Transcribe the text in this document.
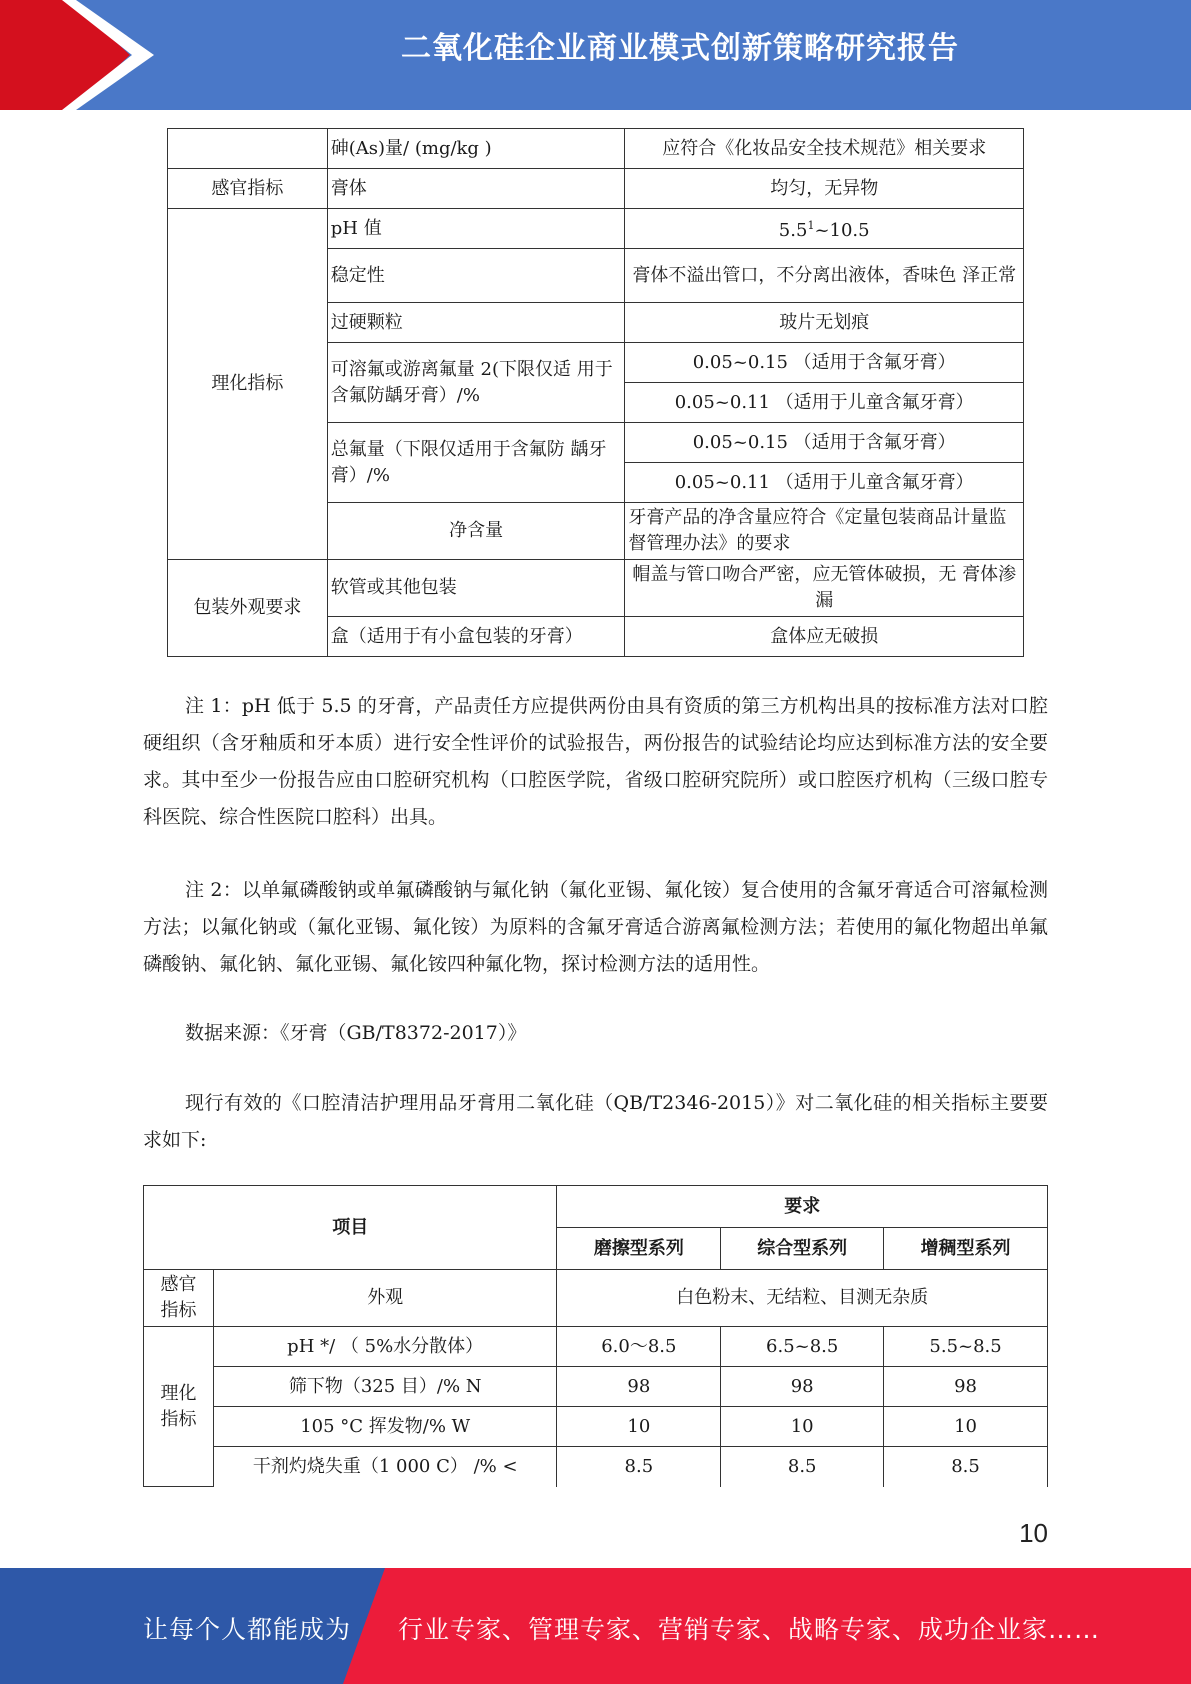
二氧化硅企业商业模式创新策略研究报告
	砷(As)量/ (mg/kg )	应符合《化妆品安全技术规范》相关要求
感官指标	膏体	均匀，无异物
理化指标	pH 值	$5.5^1\sim 10.5$
	稳定性	膏体不溢出管口，不分离出液体，香味色 泽正常
	过硬颗粒	玻片无划痕
	可溶氟或游离氟量 2(下限仅适 用于含氟防龋牙膏）/%	0.05~0.15 （适用于含氟牙膏）
		0.05~0.11 （适用于儿童含氟牙膏）
	总氟量（下限仅适用于含氟防 龋牙膏）/%	0.05~0.15 （适用于含氟牙膏）
		0.05~0.11 （适用于儿童含氟牙膏）
	净含量	牙膏产品的净含量应符合《定量包装商品计量监督管理办法》的要求
包装外观要求	软管或其他包装	帽盖与管口吻合严密，应无管体破损，无 膏体渗漏
	盒（适用于有小盒包装的牙膏）	盒体应无破损
注 1：pH 低于 5.5 的牙膏，产品责任方应提供两份由具有资质的第三方机构出具的按标准方法对口腔硬组织（含牙釉质和牙本质）进行安全性评价的试验报告，两份报告的试验结论均应达到标准方法的安全要求。其中至少一份报告应由口腔研究机构（口腔医学院，省级口腔研究院所）或口腔医疗机构（三级口腔专科医院、综合性医院口腔科）出具。
注 2：以单氟磷酸钠或单氟磷酸钠与氟化钠（氟化亚锡、氟化铵）复合使用的含氟牙膏适合可溶氟检测方法；以氟化钠或（氟化亚锡、氟化铵）为原料的含氟牙膏适合游离氟检测方法；若使用的氟化物超出单氟磷酸钠、氟化钠、氟化亚锡、氟化铵四种氟化物，探讨检测方法的适用性。
数据来源：《牙膏（GB/T8372-2017）》
现行有效的《口腔清洁护理用品牙膏用二氧化硅（QB/T2346-2015）》对二氧化硅的相关指标主要要求如下:
项目		要求		
		磨擦型系列	综合型系列	增稠型系列
感官
指标	外观	白色粉末、无结粒、目测无杂质		
理化
指标	pH */ （ 5%水分散体）	6.0〜8.5	6.5~8.5	5.5~8.5
	筛下物（325 目）/% N	98	98	98
	105 °C 挥发物/% W	10	10	10
	干剂灼烧失重（1 000 C） /% <	8.5	8.5	8.5
10
让每个人都能成为 行业专家、管理专家、营销专家、战略专家、成功企业家……
